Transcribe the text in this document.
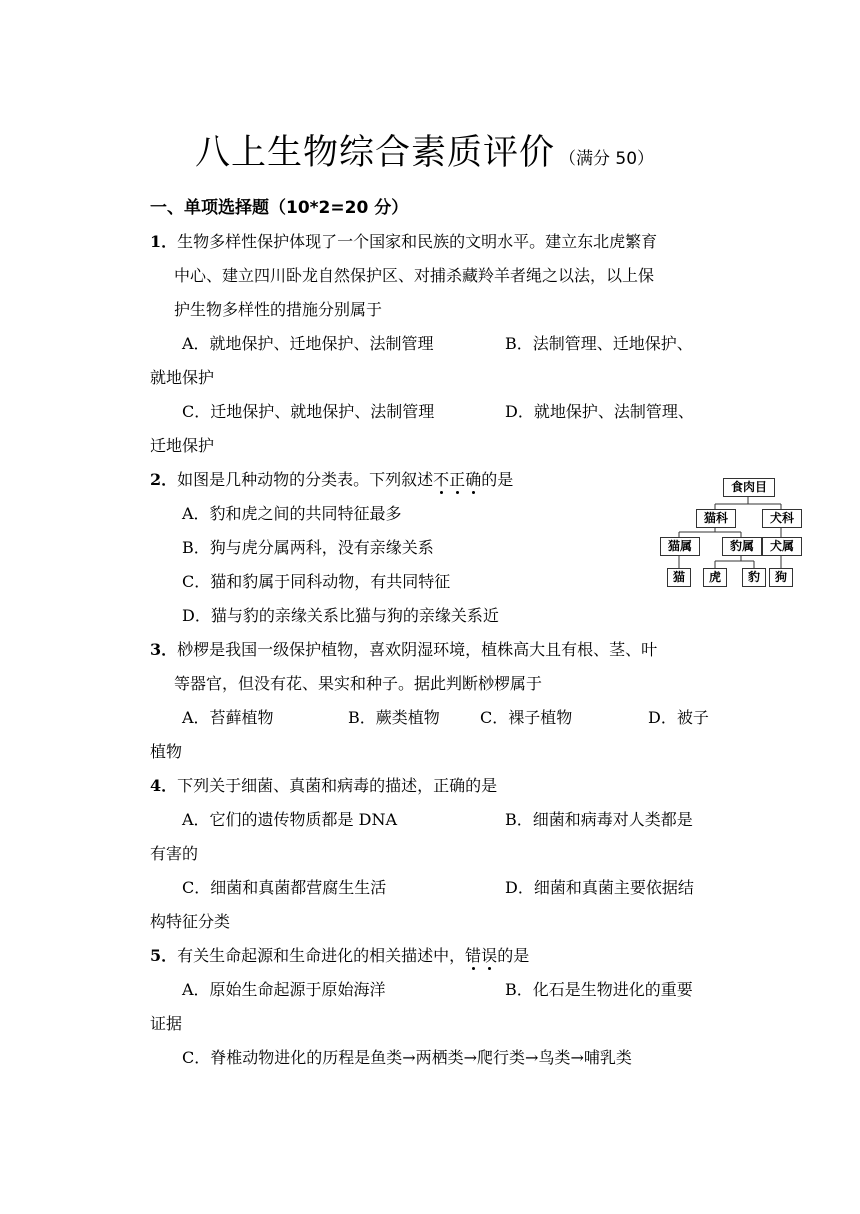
八上生物综合素质评价 （满分 50）
一、单项选择题（10*2=20 分）
1．生物多样性保护体现了一个国家和民族的文明水平。建立东北虎繁育
中心、建立四川卧龙自然保护区、对捕杀藏羚羊者绳之以法，以上保
护生物多样性的措施分别属于
A．就地保护、迁地保护、法制管理	B．法制管理、迁地保护、
就地保护
C．迁地保护、就地保护、法制管理	D．就地保护、法制管理、
迁地保护
2．如图是几种动物的分类表。下列叙述不正确的是
A．豹和虎之间的共同特征最多
B．狗与虎分属两科，没有亲缘关系
C．猫和豹属于同科动物，有共同特征
D．猫与豹的亲缘关系比猫与狗的亲缘关系近
食肉目
猫科	犬科
猫属	豹属	犬属
猫	虎	豹	狗
3．桫椤是我国一级保护植物，喜欢阴湿环境，植株高大且有根、茎、叶
等器官，但没有花、果实和种子。据此判断桫椤属于
A．苔藓植物	B．蕨类植物	C．裸子植物	D．被子
植物
4．下列关于细菌、真菌和病毒的描述，正确的是
A．它们的遗传物质都是 DNA	B．细菌和病毒对人类都是
有害的
C．细菌和真菌都营腐生生活	D．细菌和真菌主要依据结
构特征分类
5．有关生命起源和生命进化的相关描述中，错误的是
A．原始生命起源于原始海洋	B．化石是生物进化的重要
证据
C．脊椎动物进化的历程是鱼类→两栖类→爬行类→鸟类→哺乳类
